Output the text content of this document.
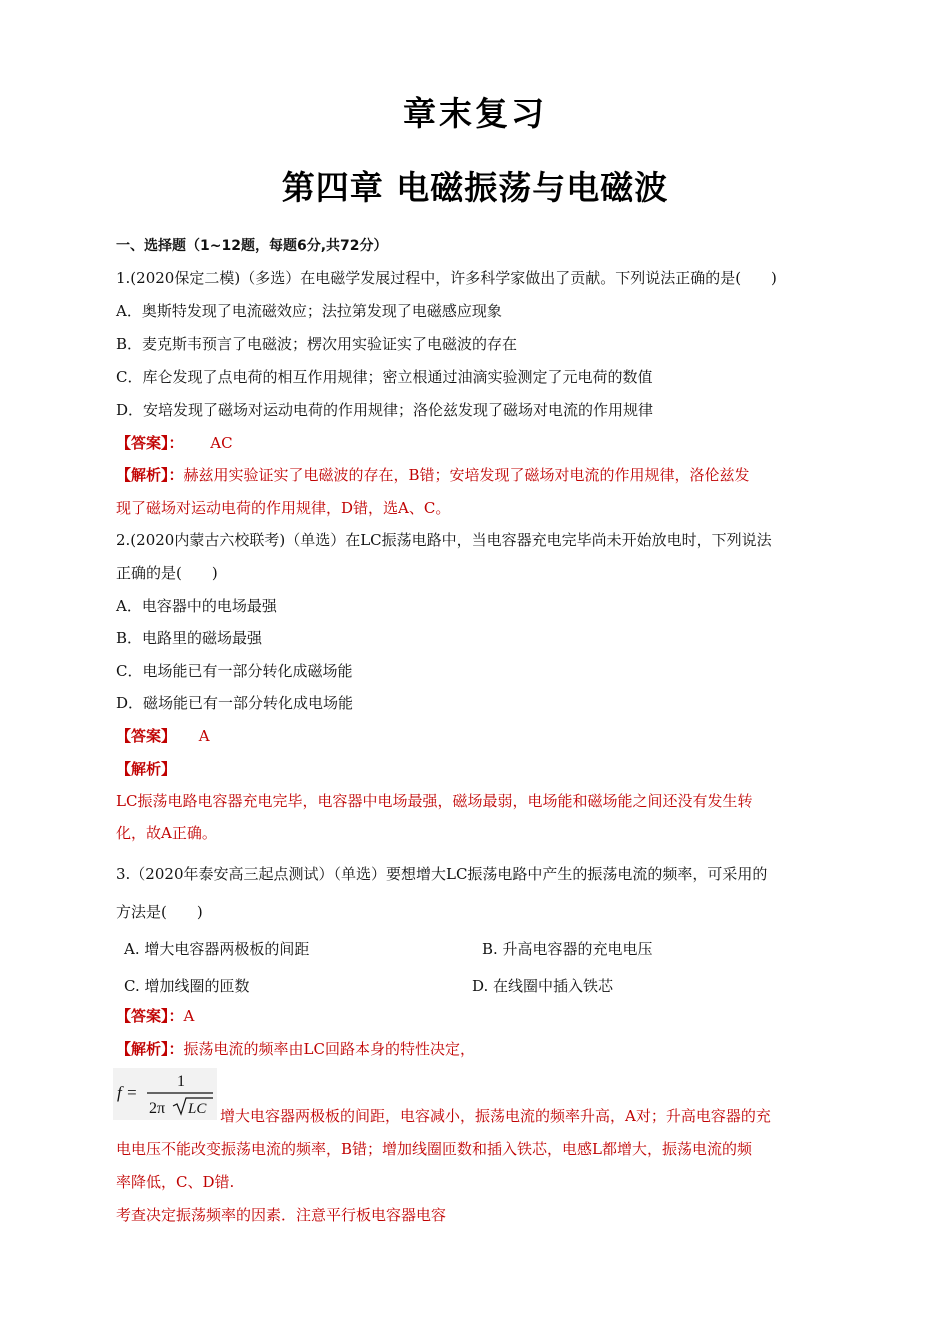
章末复习
第四章 电磁振荡与电磁波
一、选择题（1~12题，每题6分,共72分）
1.(2020保定二模)（多选）在电磁学发展过程中，许多科学家做出了贡献。下列说法正确的是(　　)
A．奥斯特发现了电流磁效应；法拉第发现了电磁感应现象
B．麦克斯韦预言了电磁波；楞次用实验证实了电磁波的存在
C．库仑发现了点电荷的相互作用规律；密立根通过油滴实验测定了元电荷的数值
D．安培发现了磁场对运动电荷的作用规律；洛伦兹发现了磁场对电流的作用规律
【答案】： AC
【解析】：赫兹用实验证实了电磁波的存在，B错；安培发现了磁场对电流的作用规律，洛伦兹发
现了磁场对运动电荷的作用规律，D错，选A、C。
2.(2020内蒙古六校联考)（单选）在LC振荡电路中，当电容器充电完毕尚未开始放电时，下列说法
正确的是(　　)
A．电容器中的电场最强
B．电路里的磁场最强
C．电场能已有一部分转化成磁场能
D．磁场能已有一部分转化成电场能
【答案】 A
【解析】
LC振荡电路电容器充电完毕，电容器中电场最强，磁场最弱，电场能和磁场能之间还没有发生转
化，故A正确。
3.（2020年泰安高三起点测试）（单选）要想增大LC振荡电路中产生的振荡电流的频率，可采用的
方法是(　　)
A. 增大电容器两极板的间距	B. 升高电容器的充电电压
C. 增加线圈的匝数	D. 在线圈中插入铁芯
【答案】：A
【解析】：振荡电流的频率由LC回路本身的特性决定，
f =
1
2π LC 增大电容器两极板的间距，电容减小，振荡电流的频率升高，A对；升高电容器的充
电电压不能改变振荡电流的频率，B错；增加线圈匝数和插入铁芯，电感L都增大，振荡电流的频
率降低，C、D错.
考查决定振荡频率的因素．注意平行板电容器电容
